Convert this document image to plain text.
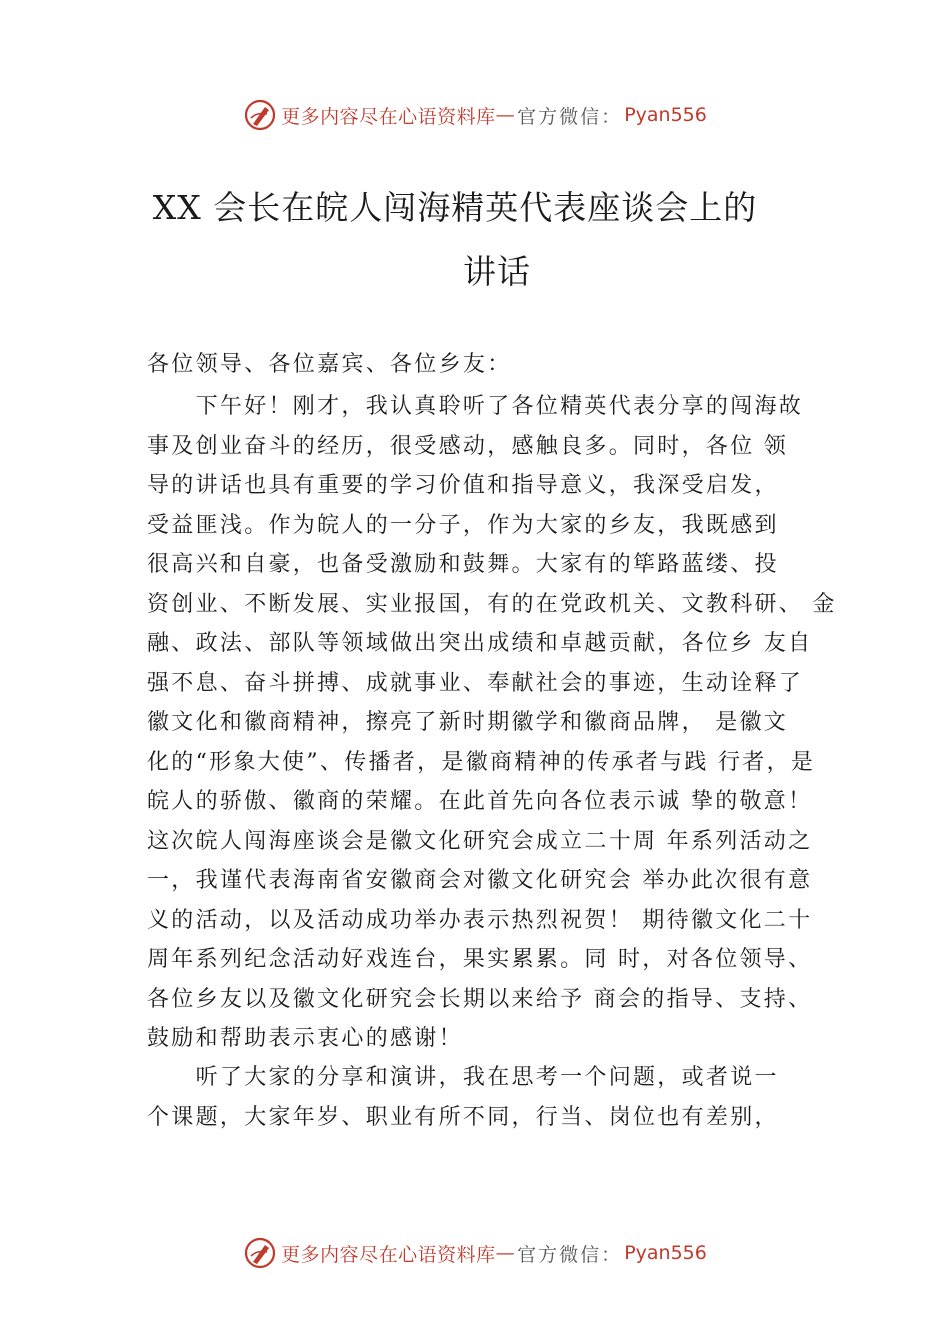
更多内容尽在心语资料库 — 官方微信： Pyan556
XX 会长在皖人闯海精英代表座谈会上的
讲话
各位领导、各位嘉宾、各位乡友：
　　下午好！刚才，我认真聆听了各位精英代表分享的闯海故
事及创业奋斗的经历，很受感动，感触良多。同时，各位 领
导的讲话也具有重要的学习价值和指导意义，我深受启发，
受益匪浅。作为皖人的一分子，作为大家的乡友，我既感到
很高兴和自豪，也备受激励和鼓舞。大家有的筚路蓝缕、投
资创业、不断发展、实业报国，有的在党政机关、文教科研、 金
融、政法、部队等领域做出突出成绩和卓越贡献，各位乡 友自
强不息、奋斗拼搏、成就事业、奉献社会的事迹，生动诠释了
徽文化和徽商精神，擦亮了新时期徽学和徽商品牌， 是徽文
化的“形象大使”、传播者，是徽商精神的传承者与践 行者，是
皖人的骄傲、徽商的荣耀。在此首先向各位表示诚 挚的敬意！
这次皖人闯海座谈会是徽文化研究会成立二十周 年系列活动之
一，我谨代表海南省安徽商会对徽文化研究会 举办此次很有意
义的活动，以及活动成功举办表示热烈祝贺！ 期待徽文化二十
周年系列纪念活动好戏连台，果实累累。同 时，对各位领导、
各位乡友以及徽文化研究会长期以来给予 商会的指导、支持、
鼓励和帮助表示衷心的感谢！
　　听了大家的分享和演讲，我在思考一个问题，或者说一
个课题，大家年岁、职业有所不同，行当、岗位也有差别，
更多内容尽在心语资料库 — 官方微信： Pyan556
